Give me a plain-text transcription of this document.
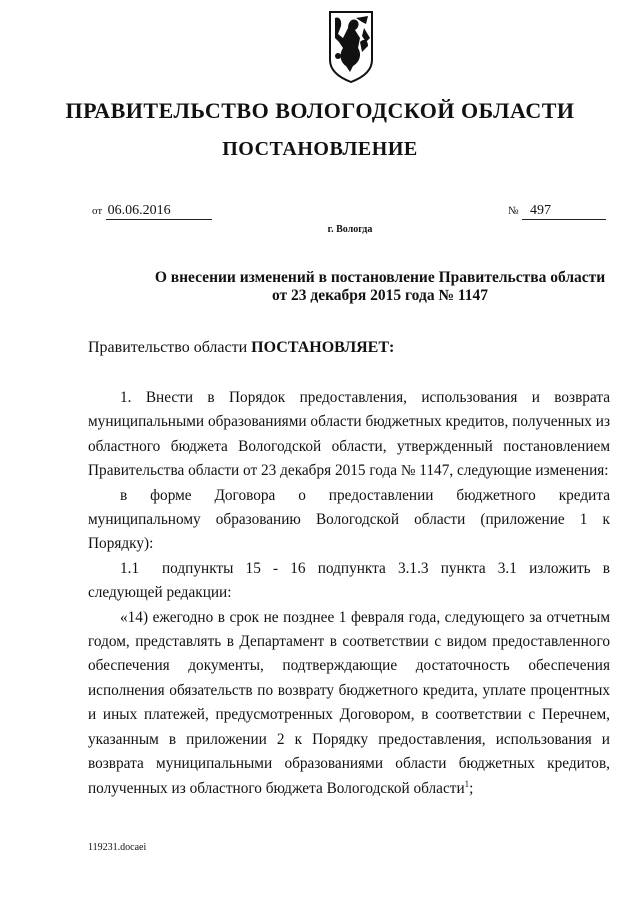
ПРАВИТЕЛЬСТВО ВОЛОГОДСКОЙ ОБЛАСТИ
ПОСТАНОВЛЕНИЕ
от 06.06.2016	№ 497
г. Вологда
О внесении изменений в постановление Правительства области
от 23 декабря 2015 года № 1147
Правительство области ПОСТАНОВЛЯЕТ:

1. Внести в Порядок предоставления, использования и возврата муниципальными образованиями области бюджетных кредитов, полученных из областного бюджета Вологодской области, утвержденный постановлением Правительства области от 23 декабря 2015 года № 1147, следующие изменения:

в форме Договора о предоставлении бюджетного кредита муниципальному образованию Вологодской области (приложение 1 к Порядку):

1.1 подпункты 15 - 16 подпункта 3.1.3 пункта 3.1 изложить в следующей редакции:

«14) ежегодно в срок не позднее 1 февраля года, следующего за отчетным годом, представлять в Департамент в соответствии с видом предоставленного обеспечения документы, подтверждающие достаточность обеспечения исполнения обязательств по возврату бюджетного кредита, уплате процентных и иных платежей, предусмотренных Договором, в соответствии с Перечнем, указанным в приложении 2 к Порядку предоставления, использования и возврата муниципальными образованиями области бюджетных кредитов, полученных из областного бюджета Вологодской области$^1$;

119231.docaei
